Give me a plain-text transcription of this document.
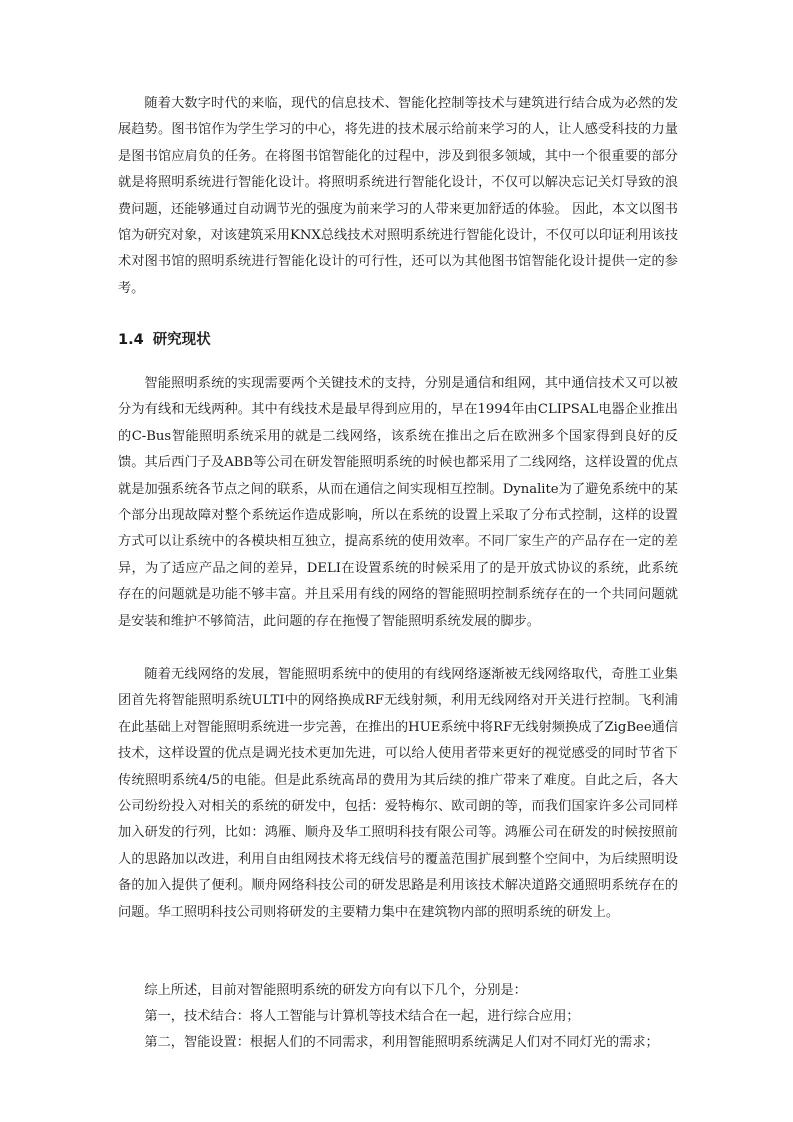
随着大数字时代的来临，现代的信息技术、智能化控制等技术与建筑进行结合成为必然的发展趋势。图书馆作为学生学习的中心，将先进的技术展示给前来学习的人，让人感受科技的力量是图书馆应肩负的任务。在将图书馆智能化的过程中，涉及到很多领域，其中一个很重要的部分就是将照明系统进行智能化设计。将照明系统进行智能化设计，不仅可以解决忘记关灯导致的浪费问题，还能够通过自动调节光的强度为前来学习的人带来更加舒适的体验。 因此，本文以图书馆为研究对象，对该建筑采用KNX总线技术对照明系统进行智能化设计，不仅可以印证利用该技术对图书馆的照明系统进行智能化设计的可行性，还可以为其他图书馆智能化设计提供一定的参考。

1.4 研究现状

智能照明系统的实现需要两个关键技术的支持，分别是通信和组网，其中通信技术又可以被分为有线和无线两种。其中有线技术是最早得到应用的，早在1994年由CLIPSAL电器企业推出的C-Bus智能照明系统采用的就是二线网络，该系统在推出之后在欧洲多个国家得到良好的反馈。其后西门子及ABB等公司在研发智能照明系统的时候也都采用了二线网络，这样设置的优点就是加强系统各节点之间的联系，从而在通信之间实现相互控制。Dynalite为了避免系统中的某个部分出现故障对整个系统运作造成影响，所以在系统的设置上采取了分布式控制，这样的设置方式可以让系统中的各模块相互独立，提高系统的使用效率。不同厂家生产的产品存在一定的差异，为了适应产品之间的差异，DELI在设置系统的时候采用了的是开放式协议的系统，此系统存在的问题就是功能不够丰富。并且采用有线的网络的智能照明控制系统存在的一个共同问题就是安装和维护不够简洁，此问题的存在拖慢了智能照明系统发展的脚步。

随着无线网络的发展，智能照明系统中的使用的有线网络逐渐被无线网络取代，奇胜工业集团首先将智能照明系统ULTI中的网络换成RF无线射频，利用无线网络对开关进行控制。飞利浦在此基础上对智能照明系统进一步完善，在推出的HUE系统中将RF无线射频换成了ZigBee通信技术，这样设置的优点是调光技术更加先进，可以给人使用者带来更好的视觉感受的同时节省下传统照明系统4/5的电能。但是此系统高昂的费用为其后续的推广带来了难度。自此之后，各大公司纷纷投入对相关的系统的研发中，包括：爱特梅尔、欧司朗的等，而我们国家许多公司同样加入研发的行列，比如：鸿雁、顺舟及华工照明科技有限公司等。鸿雁公司在研发的时候按照前人的思路加以改进，利用自由组网技术将无线信号的覆盖范围扩展到整个空间中，为后续照明设备的加入提供了便利。顺舟网络科技公司的研发思路是利用该技术解决道路交通照明系统存在的问题。华工照明科技公司则将研发的主要精力集中在建筑物内部的照明系统的研发上。

综上所述，目前对智能照明系统的研发方向有以下几个，分别是：

第一，技术结合：将人工智能与计算机等技术结合在一起，进行综合应用；

第二，智能设置：根据人们的不同需求，利用智能照明系统满足人们对不同灯光的需求；
